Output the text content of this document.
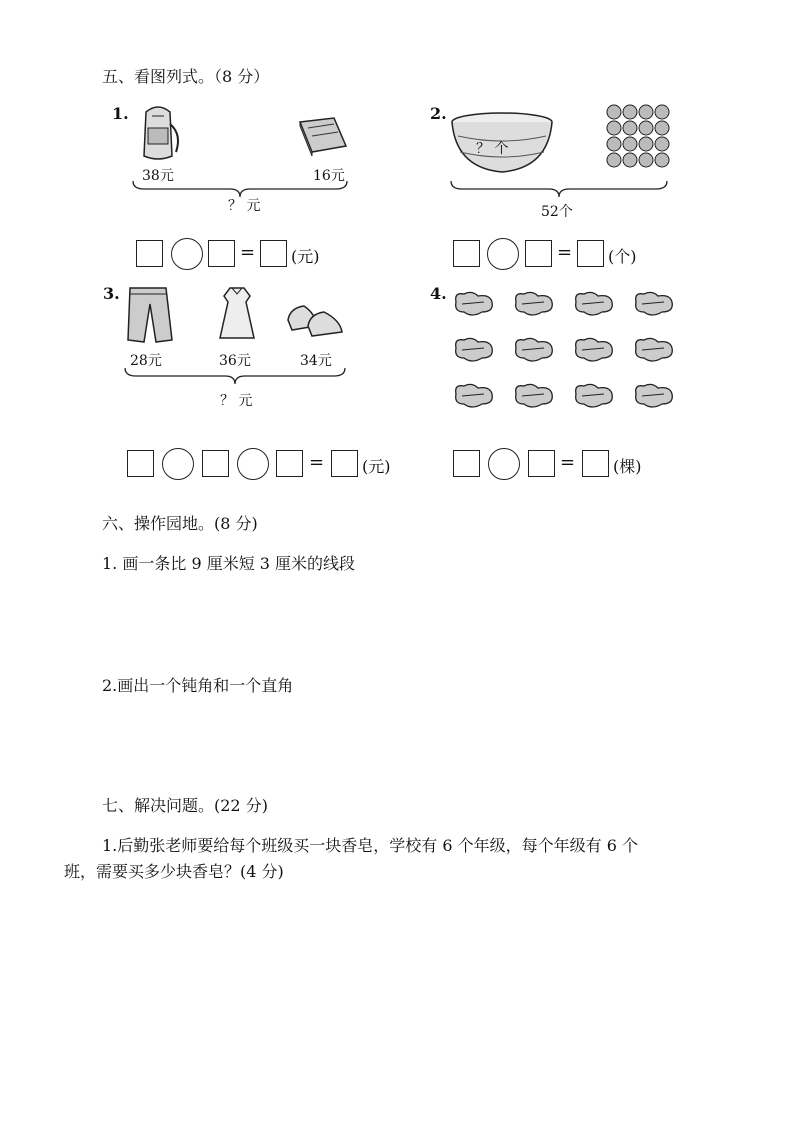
五、看图列式。（8 分）
1.
38元	16元
？ 元
= (元)
2.
？ 个
52个
= (个)
3.
28元	36元	34元
？ 元
= (元)
4.
= (棵)
六、操作园地。(8 分)
1. 画一条比 9 厘米短 3 厘米的线段
2.画出一个钝角和一个直角
七、解决问题。(22 分)
1.后勤张老师要给每个班级买一块香皂，学校有 6 个年级，每个年级有 6 个
班，需要买多少块香皂？(4 分)
